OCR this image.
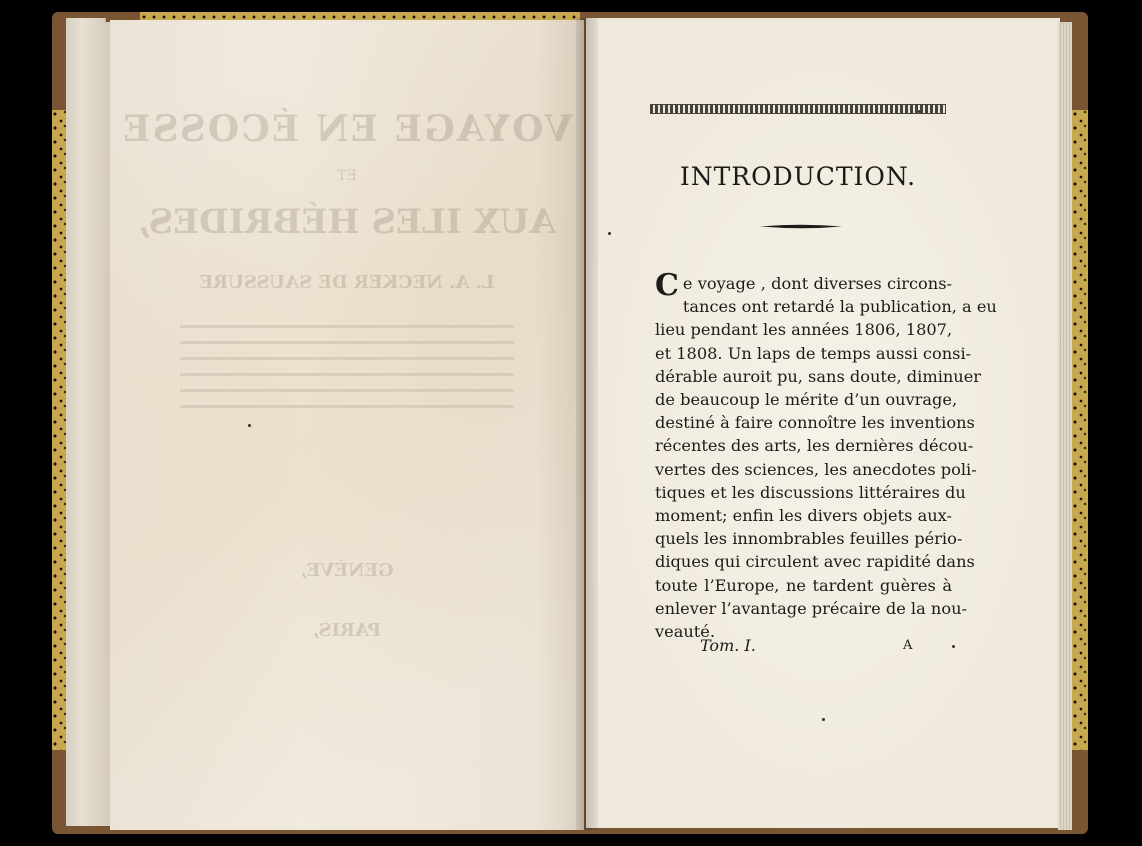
VOYAGE EN ÉCOSSE
ET
AUX ILES HÉBRIDES,
L. A. NECKER DE SAUSSURE
GENÈVE,
PARIS,
INTRODUCTION.
Ce voyage , dont diverses circons-
tances ont retardé la publication, a eu
lieu pendant les années 1806, 1807,
et 1808. Un laps de temps aussi consi-
dérable auroit pu, sans doute, diminuer
de beaucoup le mérite d’un ouvrage,
destiné à faire connoître les inventions
récentes des arts, les dernières décou-
vertes des sciences, les anecdotes poli-
tiques et les discussions littéraires du
moment; enfin les divers objets aux-
quels les innombrables feuilles pério-
diques qui circulent avec rapidité dans
toute l’Europe, ne tardent guères à
enlever l’avantage précaire de la nou-
veauté.
Tom. I.	A
